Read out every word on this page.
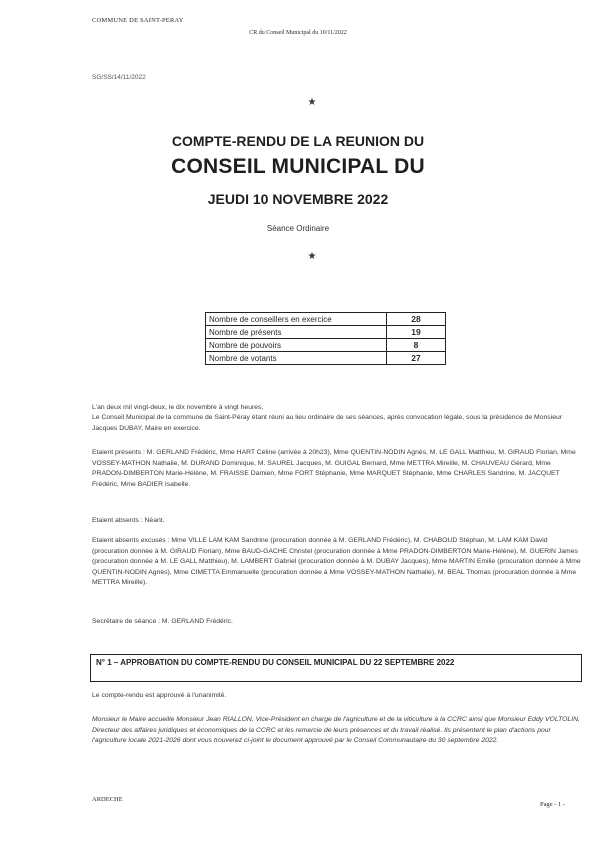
COMMUNE DE SAINT-PERAY
CR du Conseil Municipal du 10/11/2022
SG/SS/14/11/2022
★
COMPTE-RENDU DE LA REUNION DU
CONSEIL MUNICIPAL DU
JEUDI 10 NOVEMBRE 2022
Séance Ordinaire
★
Nombre de conseillers en exercice	28
Nombre de présents	19
Nombre de pouvoirs	8
Nombre de votants	27
L'an deux mil vingt-deux, le dix novembre à vingt heures,
Le Conseil Municipal de la commune de Saint-Péray étant réuni au lieu ordinaire de ses séances, après convocation légale, sous la présidence de Monsieur Jacques DUBAY, Maire en exercice.
Etaient présents : M. GERLAND Frédéric, Mme HART Céline (arrivée à 20h23), Mme QUENTIN-NODIN Agnès, M. LE GALL Matthieu, M. GIRAUD Florian, Mme VOSSEY-MATHON Nathalie, M. DURAND Dominique, M. SAUREL Jacques, M. GUIGAL Bernard, Mme METTRA Mireille, M. CHAUVEAU Gérard, Mme PRADON-DIMBERTON Marie-Hélène, M. FRAISSE Damien, Mme FORT Stéphanie, Mme MARQUET Stéphanie, Mme CHARLES Sandrine, M. JACQUET Frédéric, Mme BADIER Isabelle.
Etaient absents : Néant.
Etaient absents excusés : Mme VILLE LAM KAM Sandrine (procuration donnée à M. GERLAND Frédéric), M. CHABOUD Stéphan, M. LAM KAM David (procuration donnée à M. GIRAUD Florian), Mme BAUD-GACHE Christel (procuration donnée à Mme PRADON-DIMBERTON Marie-Hélène), M. GUERIN James (procuration donnée à M. LE GALL Matthieu), M. LAMBERT Gabriel (procuration donnée à M. DUBAY Jacques), Mme MARTIN Emilie (procuration donnée à Mme QUENTIN-NODIN Agnès), Mme CIMETTA Emmanuelle (procuration donnée à Mme VOSSEY-MATHON Nathalie), M. BEAL Thomas (procuration donnée à Mme METTRA Mireille).
Secrétaire de séance : M. GERLAND Frédéric.
N° 1 – APPROBATION DU COMPTE-RENDU DU CONSEIL MUNICIPAL DU 22 SEPTEMBRE 2022
Le compte-rendu est approuvé à l'unanimité.
Monsieur le Maire accueille Monsieur Jean RIALLON, Vice-Président en charge de l'agriculture et de la viticulture à la CCRC ainsi que Monsieur Eddy VOLTOLIN, Directeur des affaires juridiques et économiques de la CCRC et les remercie de leurs présences et du travail réalisé. Ils présentent le plan d'actions pour l'agriculture locale 2021-2026 dont vous trouverez ci-joint le document approuvé par le Conseil Communautaire du 30 septembre 2022.
ARDECHE
Page - 1 -
